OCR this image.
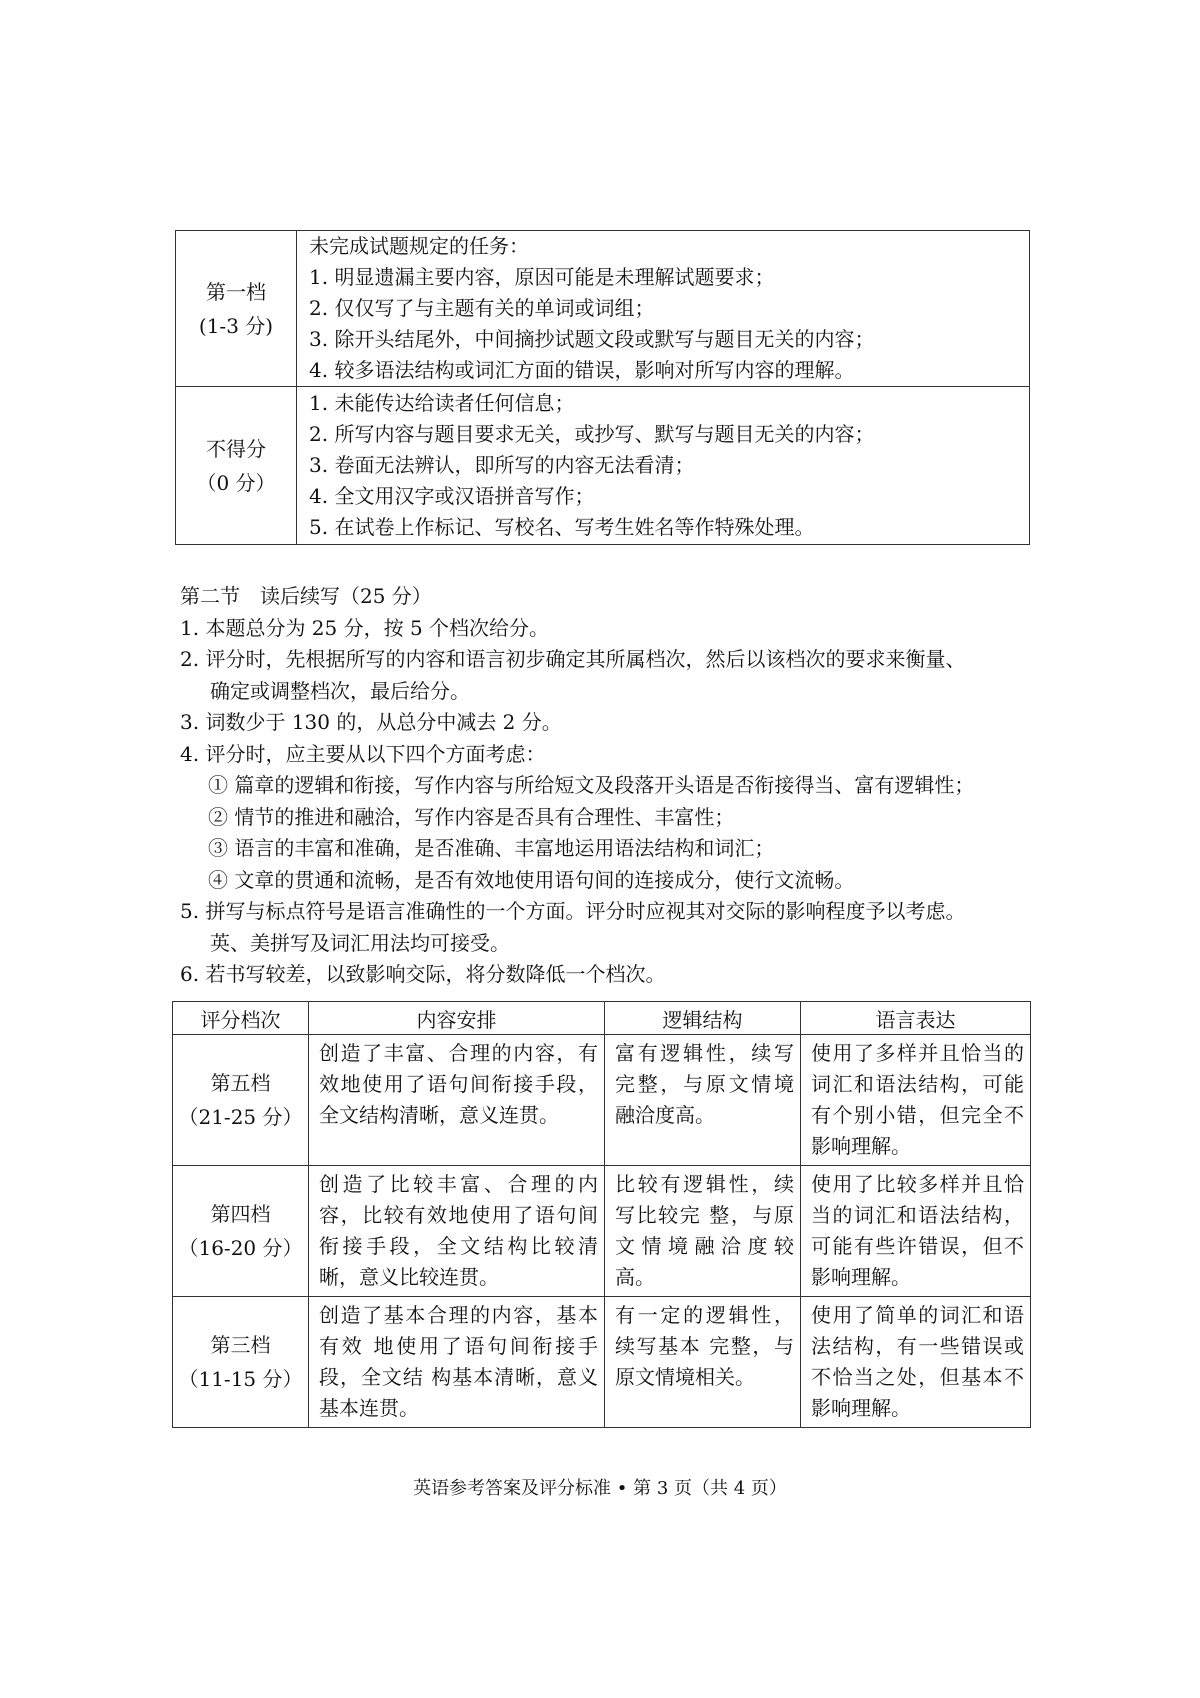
第一档
(1-3 分)	未完成试题规定的任务：
1. 明显遗漏主要内容，原因可能是未理解试题要求；
2. 仅仅写了与主题有关的单词或词组；
3. 除开头结尾外，中间摘抄试题文段或默写与题目无关的内容；
4. 较多语法结构或词汇方面的错误，影响对所写内容的理解。

不得分
（0 分）	1. 未能传达给读者任何信息；
2. 所写内容与题目要求无关，或抄写、默写与题目无关的内容；
3. 卷面无法辨认，即所写的内容无法看清；
4. 全文用汉字或汉语拼音写作；
5. 在试卷上作标记、写校名、写考生姓名等作特殊处理。
第二节　读后续写（25 分）
1. 本题总分为 25 分，按 5 个档次给分。
2. 评分时，先根据所写的内容和语言初步确定其所属档次，然后以该档次的要求来衡量、
确定或调整档次，最后给分。
3. 词数少于 130 的，从总分中减去 2 分。
4. 评分时，应主要从以下四个方面考虑：
① 篇章的逻辑和衔接，写作内容与所给短文及段落开头语是否衔接得当、富有逻辑性；
② 情节的推进和融洽，写作内容是否具有合理性、丰富性；
③ 语言的丰富和准确，是否准确、丰富地运用语法结构和词汇；
④ 文章的贯通和流畅，是否有效地使用语句间的连接成分，使行文流畅。
5. 拼写与标点符号是语言准确性的一个方面。评分时应视其对交际的影响程度予以考虑。
英、美拼写及词汇用法均可接受。
6. 若书写较差，以致影响交际，将分数降低一个档次。
评分档次	内容安排	逻辑结构	语言表达
第五档
（21-25 分）	创造了丰富、合理的内容，有效地使用了语句间衔接手段，全文结构清晰，意义连贯。	富有逻辑性，续写完整，与原文情境融洽度高。	使用了多样并且恰当的词汇和语法结构，可能有个别小错，但完全不影响理解。
第四档
（16-20 分）	创造了比较丰富、合理的内容，比较有效地使用了语句间衔接手段，全文结构比较清晰，意义比较连贯。	比较有逻辑性，续写比较完 整，与原文情境融洽度较高。	使用了比较多样并且恰当的词汇和语法结构，可能有些许错误，但不影响理解。
第三档
（11-15 分）	创造了基本合理的内容，基本有效 地使用了语句间衔接手段，全文结 构基本清晰，意义基本连贯。	有一定的逻辑性，续写基本 完整，与原文情境相关。	使用了简单的词汇和语法结构，有一些错误或不恰当之处，但基本不影响理解。
英语参考答案及评分标准 • 第 3 页（共 4 页）
